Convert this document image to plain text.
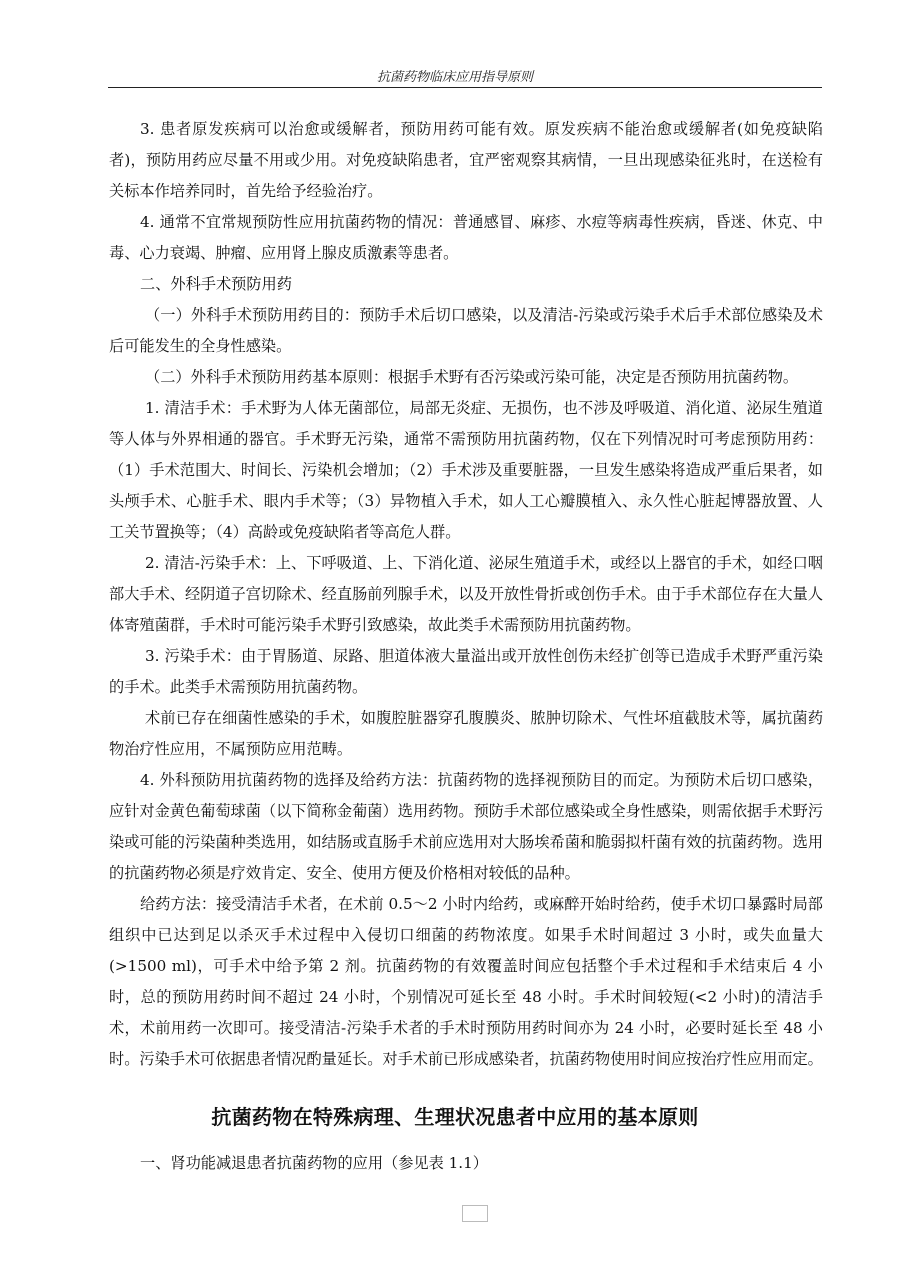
抗菌药物临床应用指导原则

3. 患者原发疾病可以治愈或缓解者，预防用药可能有效。原发疾病不能治愈或缓解者(如免疫缺陷者)，预防用药应尽量不用或少用。对免疫缺陷患者，宜严密观察其病情，一旦出现感染征兆时，在送检有关标本作培养同时，首先给予经验治疗。

4. 通常不宜常规预防性应用抗菌药物的情况：普通感冒、麻疹、水痘等病毒性疾病，昏迷、休克、中毒、心力衰竭、肿瘤、应用肾上腺皮质激素等患者。

二、外科手术预防用药

（一）外科手术预防用药目的：预防手术后切口感染，以及清洁-污染或污染手术后手术部位感染及术后可能发生的全身性感染。

（二）外科手术预防用药基本原则：根据手术野有否污染或污染可能，决定是否预防用抗菌药物。

1. 清洁手术：手术野为人体无菌部位，局部无炎症、无损伤，也不涉及呼吸道、消化道、泌尿生殖道等人体与外界相通的器官。手术野无污染，通常不需预防用抗菌药物，仅在下列情况时可考虑预防用药：（1）手术范围大、时间长、污染机会增加；（2）手术涉及重要脏器，一旦发生感染将造成严重后果者，如头颅手术、心脏手术、眼内手术等；（3）异物植入手术，如人工心瓣膜植入、永久性心脏起博器放置、人工关节置换等；（4）高龄或免疫缺陷者等高危人群。

2. 清洁-污染手术：上、下呼吸道、上、下消化道、泌尿生殖道手术，或经以上器官的手术，如经口咽部大手术、经阴道子宫切除术、经直肠前列腺手术，以及开放性骨折或创伤手术。由于手术部位存在大量人体寄殖菌群，手术时可能污染手术野引致感染，故此类手术需预防用抗菌药物。

3. 污染手术：由于胃肠道、尿路、胆道体液大量溢出或开放性创伤未经扩创等已造成手术野严重污染的手术。此类手术需预防用抗菌药物。

术前已存在细菌性感染的手术，如腹腔脏器穿孔腹膜炎、脓肿切除术、气性坏疽截肢术等，属抗菌药物治疗性应用，不属预防应用范畴。

4. 外科预防用抗菌药物的选择及给药方法：抗菌药物的选择视预防目的而定。为预防术后切口感染，应针对金黄色葡萄球菌（以下简称金葡菌）选用药物。预防手术部位感染或全身性感染，则需依据手术野污染或可能的污染菌种类选用，如结肠或直肠手术前应选用对大肠埃希菌和脆弱拟杆菌有效的抗菌药物。选用的抗菌药物必须是疗效肯定、安全、使用方便及价格相对较低的品种。

给药方法：接受清洁手术者，在术前 0.5～2 小时内给药，或麻醉开始时给药，使手术切口暴露时局部组织中已达到足以杀灭手术过程中入侵切口细菌的药物浓度。如果手术时间超过 3 小时，或失血量大(>1500 ml)，可手术中给予第 2 剂。抗菌药物的有效覆盖时间应包括整个手术过程和手术结束后 4 小时，总的预防用药时间不超过 24 小时，个别情况可延长至 48 小时。手术时间较短(<2 小时)的清洁手术，术前用药一次即可。接受清洁-污染手术者的手术时预防用药时间亦为 24 小时，必要时延长至 48 小时。污染手术可依据患者情况酌量延长。对手术前已形成感染者，抗菌药物使用时间应按治疗性应用而定。

抗菌药物在特殊病理、生理状况患者中应用的基本原则
一、肾功能减退患者抗菌药物的应用（参见表 1.1）
